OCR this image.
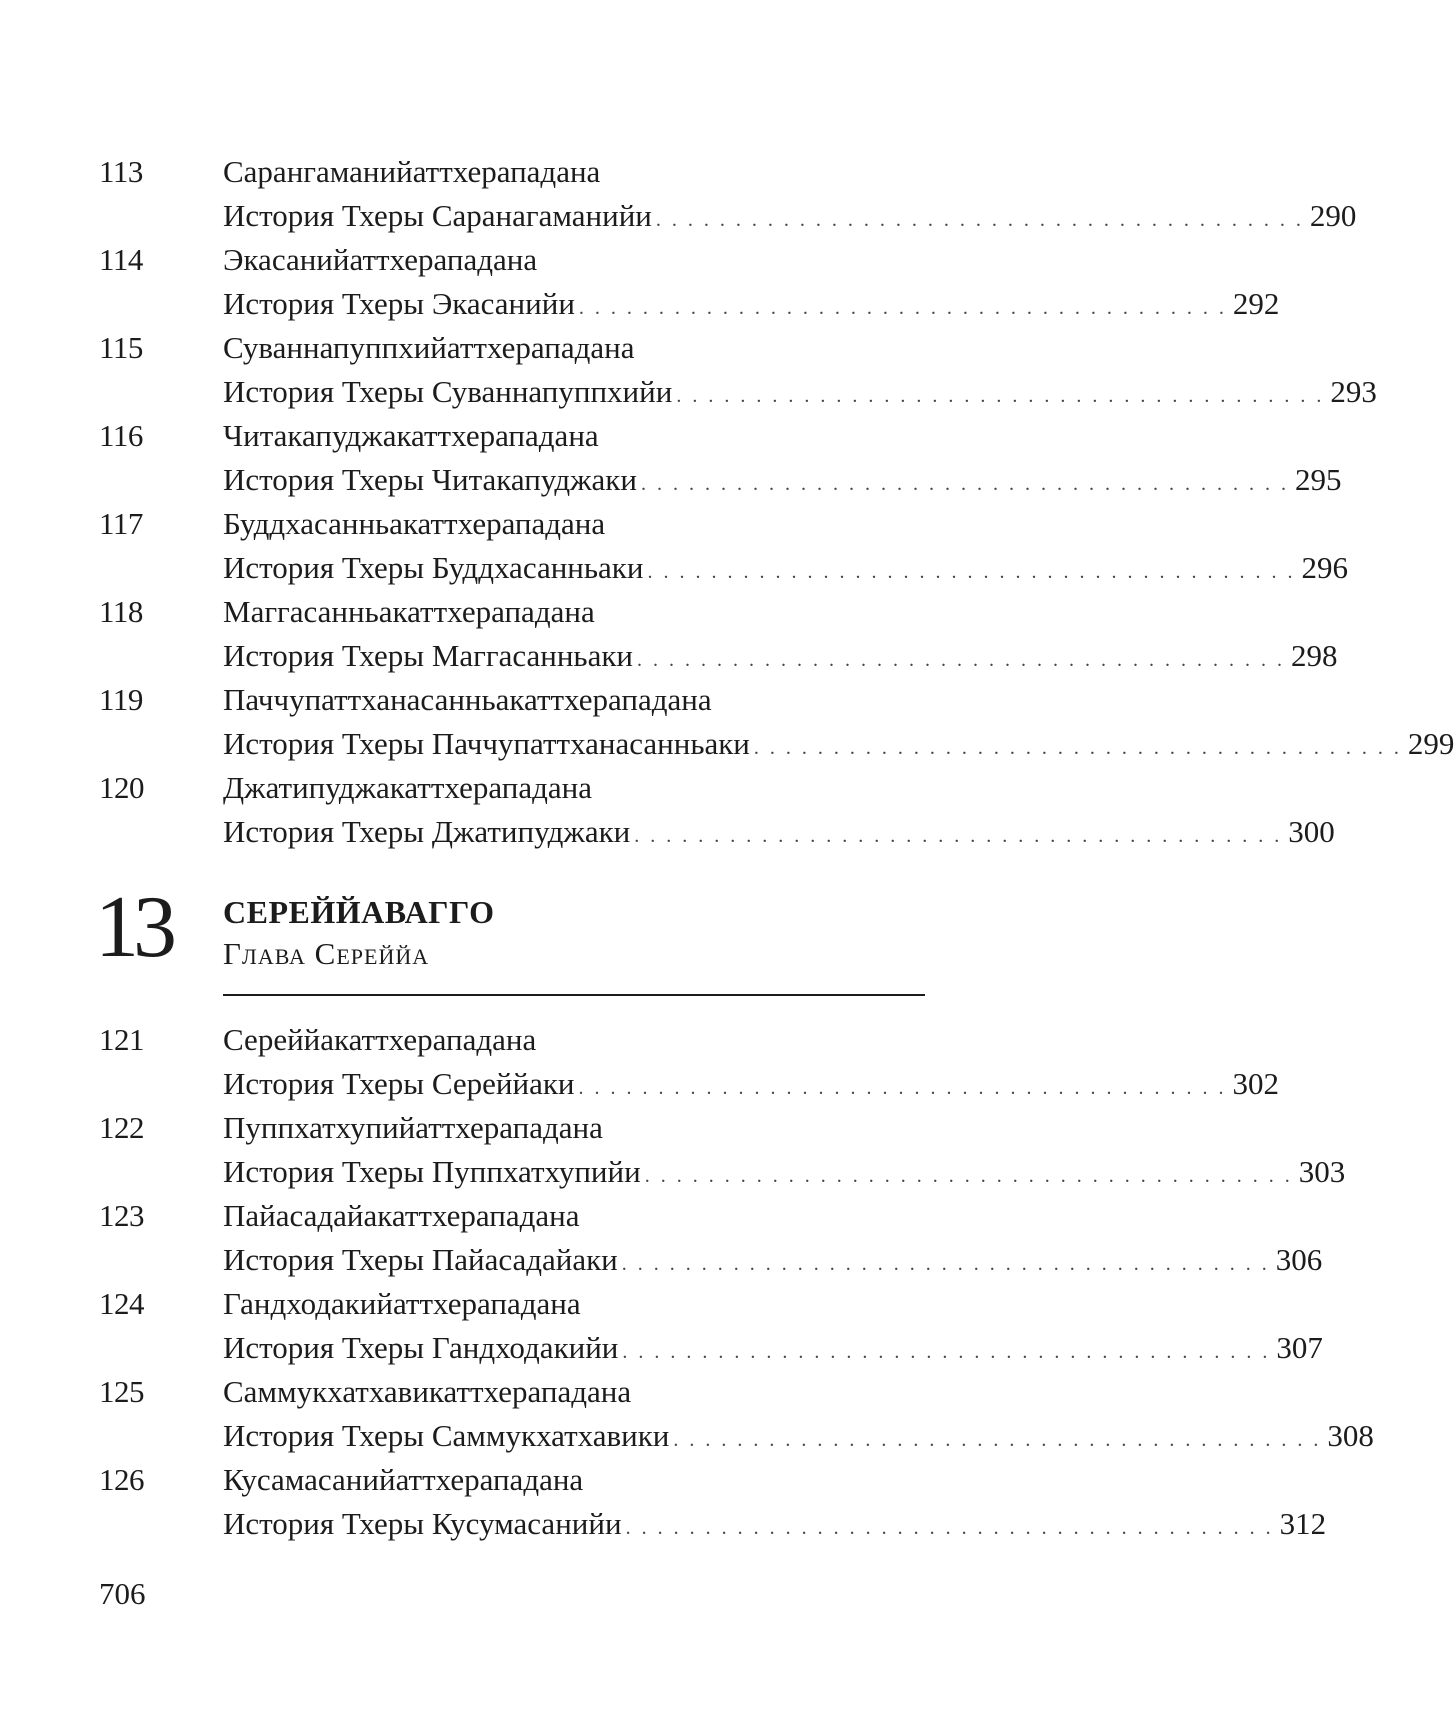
113	Сарангаманийаттхерападана
История Тхеры Саранагаманийи . . . . . . . . . . . . . . . . . . . . . . . . . . . . . . . . . . . . . . . . . 290
114	Экасанийаттхерападана
История Тхеры Экасанийи . . . . . . . . . . . . . . . . . . . . . . . . . . . . . . . . . . . . . . . . . 292
115	Суваннапуппхийаттхерападана
История Тхеры Суваннапуппхийи . . . . . . . . . . . . . . . . . . . . . . . . . . . . . . . . . . . . . . . . . 293
116	Читакапуджакаттхерападана
История Тхеры Читакапуджаки . . . . . . . . . . . . . . . . . . . . . . . . . . . . . . . . . . . . . . . . . 295
117	Буддхасанньакаттхерападана
История Тхеры Буддхасанньаки . . . . . . . . . . . . . . . . . . . . . . . . . . . . . . . . . . . . . . . . . 296
118	Маггасанньакаттхерападана
История Тхеры Маггасанньаки . . . . . . . . . . . . . . . . . . . . . . . . . . . . . . . . . . . . . . . . . 298
119	Паччупаттханасанньакаттхерападана
История Тхеры Паччупаттханасанньаки . . . . . . . . . . . . . . . . . . . . . . . . . . . . . . . . . . . . . . . . . 299
120	Джатипуджакаттхерападана
История Тхеры Джатипуджаки . . . . . . . . . . . . . . . . . . . . . . . . . . . . . . . . . . . . . . . . . 300
13 СЕРЕЙЙАВАГГО
Глава Сереййа
121	Сереййакаттхерападана
История Тхеры Сереййаки . . . . . . . . . . . . . . . . . . . . . . . . . . . . . . . . . . . . . . . . . 302
122	Пуппхатхупийаттхерападана
История Тхеры Пуппхатхупийи . . . . . . . . . . . . . . . . . . . . . . . . . . . . . . . . . . . . . . . . . 303
123	Пайасадайакаттхерападана
История Тхеры Пайасадайаки . . . . . . . . . . . . . . . . . . . . . . . . . . . . . . . . . . . . . . . . . 306
124	Гандходакийаттхерападана
История Тхеры Гандходакийи . . . . . . . . . . . . . . . . . . . . . . . . . . . . . . . . . . . . . . . . . 307
125	Саммукхатхавикаттхерападана
История Тхеры Саммукхатхавики . . . . . . . . . . . . . . . . . . . . . . . . . . . . . . . . . . . . . . . . . 308
126	Кусамасанийаттхерападана
История Тхеры Кусумасанийи . . . . . . . . . . . . . . . . . . . . . . . . . . . . . . . . . . . . . . . . . 312
706
